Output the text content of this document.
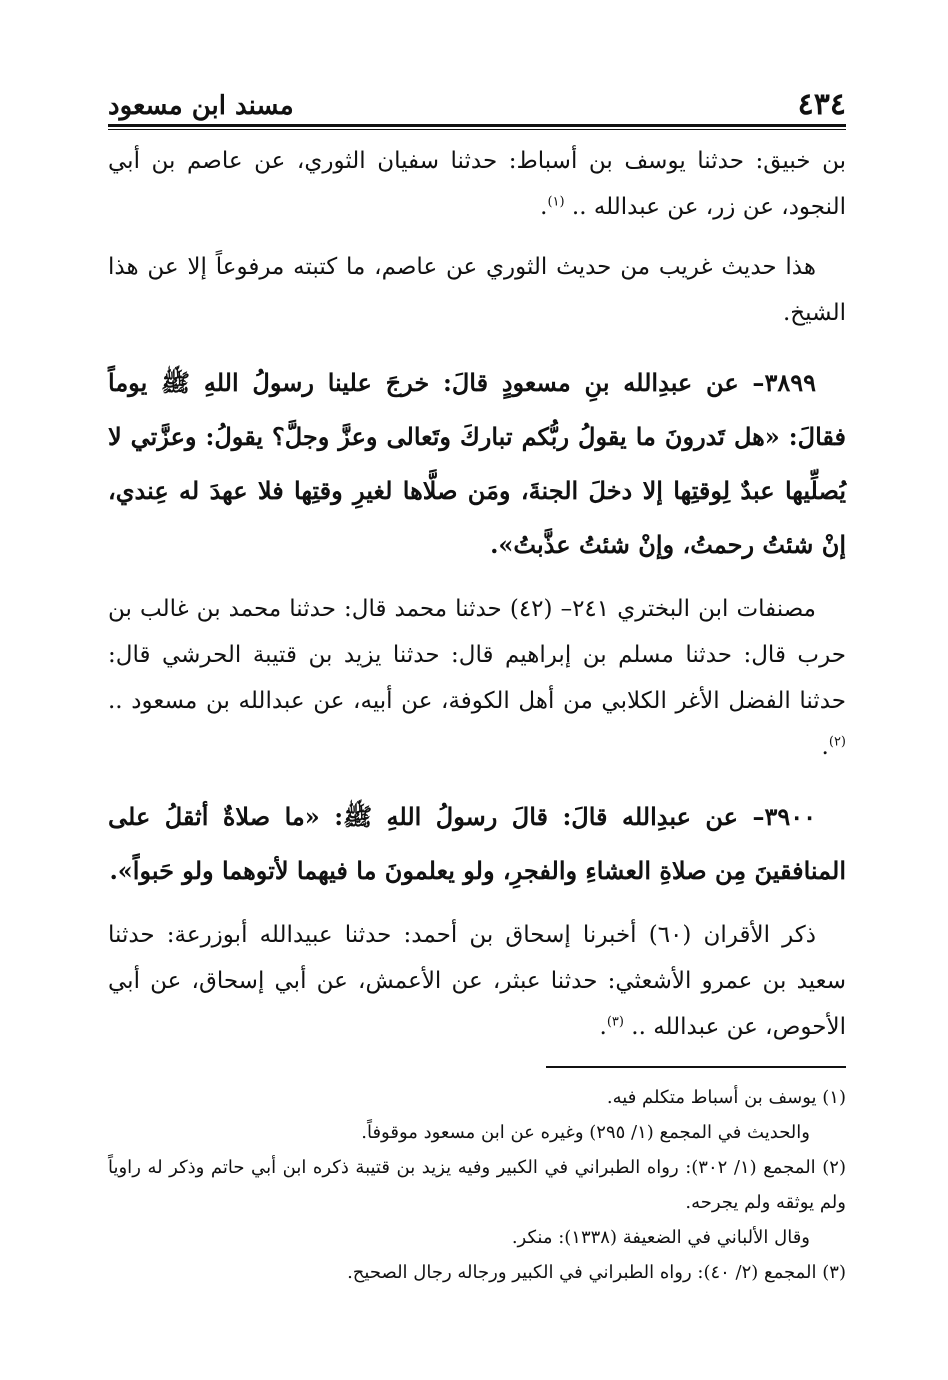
٤٣٤
مسند ابن مسعود

بن خبيق: حدثنا يوسف بن أسباط: حدثنا سفيان الثوري، عن عاصم بن أبي النجود، عن زر، عن عبدالله .. $^{(١)}$.

هذا حديث غريب من حديث الثوري عن عاصم، ما كتبته مرفوعاً إلا عن هذا الشيخ.

٣٨٩٩– عن عبدِالله بنِ مسعودٍ قالَ: خرجَ علينا رسولُ اللهِ ﷺ يوماً فقالَ: «هل تَدرونَ ما يقولُ ربُّكم تباركَ وتَعالى وعزَّ وجلَّ؟ يقولُ: وعزَّتي لا يُصلِّيها عبدٌ لِوقتِها إلا دخلَ الجنةَ، ومَن صلَّاها لغيرِ وقتِها فلا عهدَ له عِندي، إنْ شئتُ رحمتُ، وإنْ شئتُ عذَّبتُ».

مصنفات ابن البختري ٢٤١– (٤٢) حدثنا محمد قال: حدثنا محمد بن غالب بن حرب قال: حدثنا مسلم بن إبراهيم قال: حدثنا يزيد بن قتيبة الحرشي قال: حدثنا الفضل الأغر الكلابي من أهل الكوفة، عن أبيه، عن عبدالله بن مسعود .. $^{(٢)}$.

٣٩٠٠– عن عبدِالله قالَ: قالَ رسولُ اللهِ ﷺ: «ما صلاةٌ أثقلُ على المنافقينَ مِن صلاةِ العشاءِ والفجرِ، ولو يعلمونَ ما فيهما لأتوهما ولو حَبواً».

ذكر الأقران (٦٠) أخبرنا إسحاق بن أحمد: حدثنا عبيدالله أبوزرعة: حدثنا سعيد بن عمرو الأشعثي: حدثنا عبثر، عن الأعمش، عن أبي إسحاق، عن أبي الأحوص، عن عبدالله .. $^{(٣)}$.

(١) يوسف بن أسباط متكلم فيه.

والحديث في المجمع (١/ ٢٩٥) وغيره عن ابن مسعود موقوفاً.

(٢) المجمع (١/ ٣٠٢): رواه الطبراني في الكبير وفيه يزيد بن قتيبة ذكره ابن أبي حاتم وذكر له راوياً ولم يوثقه ولم يجرحه.

وقال الألباني في الضعيفة (١٣٣٨): منكر.

(٣) المجمع (٢/ ٤٠): رواه الطبراني في الكبير ورجاله رجال الصحيح.
